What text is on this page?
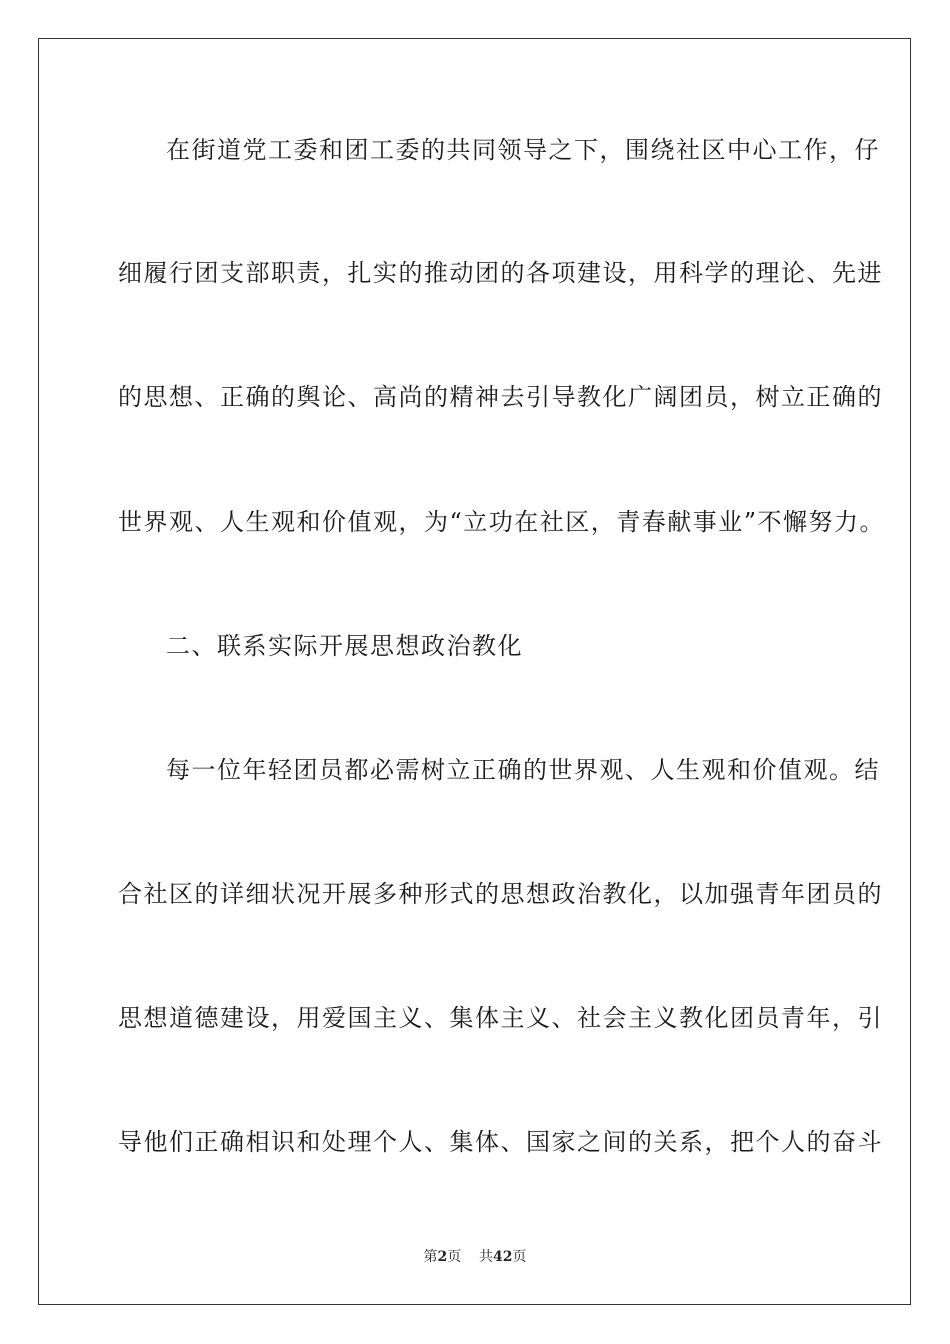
在街道党工委和团工委的共同领导之下，围绕社区中心工作，仔
细履行团支部职责，扎实的推动团的各项建设，用科学的理论、先进
的思想、正确的舆论、高尚的精神去引导教化广阔团员，树立正确的
世界观、人生观和价值观，为“立功在社区，青春献事业”不懈努力。
二、联系实际开展思想政治教化
每一位年轻团员都必需树立正确的世界观、人生观和价值观。结
合社区的详细状况开展多种形式的思想政治教化，以加强青年团员的
思想道德建设，用爱国主义、集体主义、社会主义教化团员青年，引
导他们正确相识和处理个人、集体、国家之间的关系，把个人的奋斗
第2页 共42页
